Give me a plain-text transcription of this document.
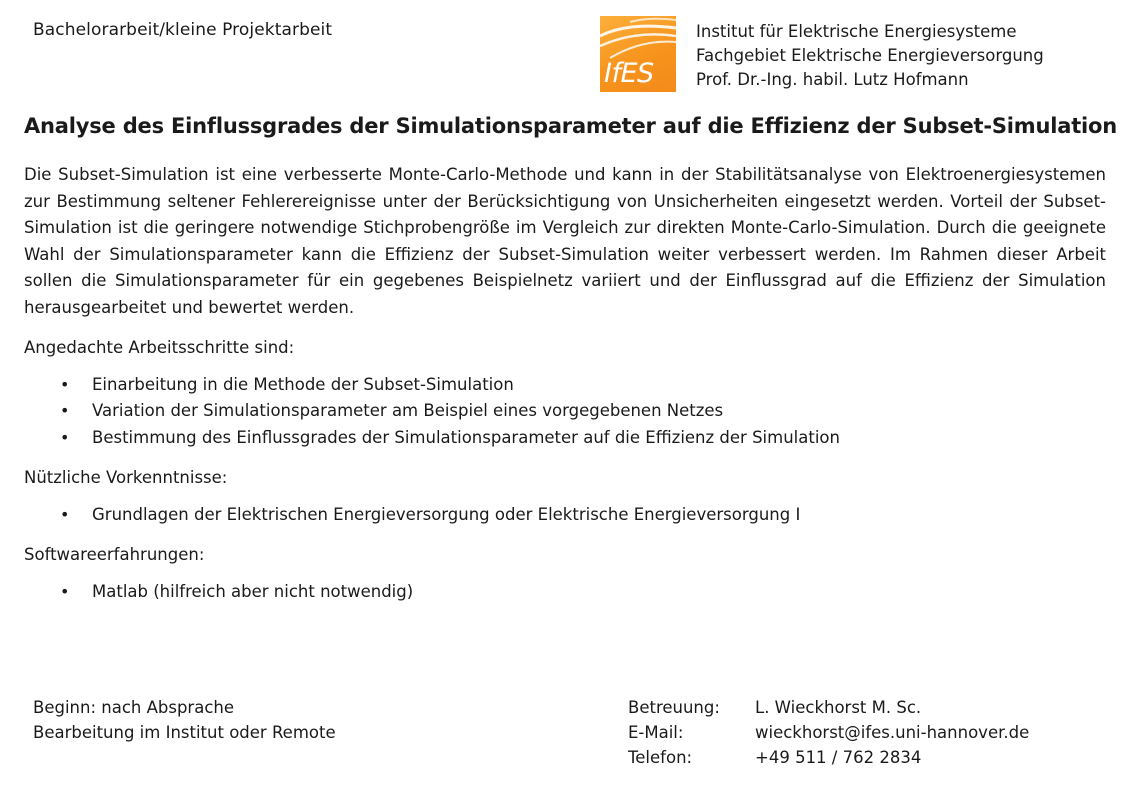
Bachelorarbeit/kleine Projektarbeit
IfES
Institut für Elektrische Energiesysteme
Fachgebiet Elektrische Energieversorgung
Prof. Dr.-Ing. habil. Lutz Hofmann
Analyse des Einflussgrades der Simulationsparameter auf die Effizienz der Subset-Simulation

Die Subset-Simulation ist eine verbesserte Monte-Carlo-Methode und kann in der Stabilitätsanalyse von Elektroenergiesystemen zur Bestimmung seltener Fehlerereignisse unter der Berücksichtigung von Unsicherheiten eingesetzt werden. Vorteil der Subset-Simulation ist die geringere notwendige Stichprobengröße im Vergleich zur direkten Monte-Carlo-Simulation. Durch die geeignete Wahl der Simulationsparameter kann die Effizienz der Subset-Simulation weiter verbessert werden. Im Rahmen dieser Arbeit sollen die Simulationsparameter für ein gegebenes Beispielnetz variiert und der Einflussgrad auf die Effizienz der Simulation herausgearbeitet und bewertet werden.

Angedachte Arbeitsschritte sind:
• Einarbeitung in die Methode der Subset-Simulation
• Variation der Simulationsparameter am Beispiel eines vorgegebenen Netzes
• Bestimmung des Einflussgrades der Simulationsparameter auf die Effizienz der Simulation
Nützliche Vorkenntnisse:
• Grundlagen der Elektrischen Energieversorgung oder Elektrische Energieversorgung I
Softwareerfahrungen:
• Matlab (hilfreich aber nicht notwendig)
Beginn: nach Absprache
Bearbeitung im Institut oder Remote
Betreuung:	L. Wieckhorst M. Sc.
E-Mail:	wieckhorst@ifes.uni-hannover.de
Telefon:	+49 511 / 762 2834
